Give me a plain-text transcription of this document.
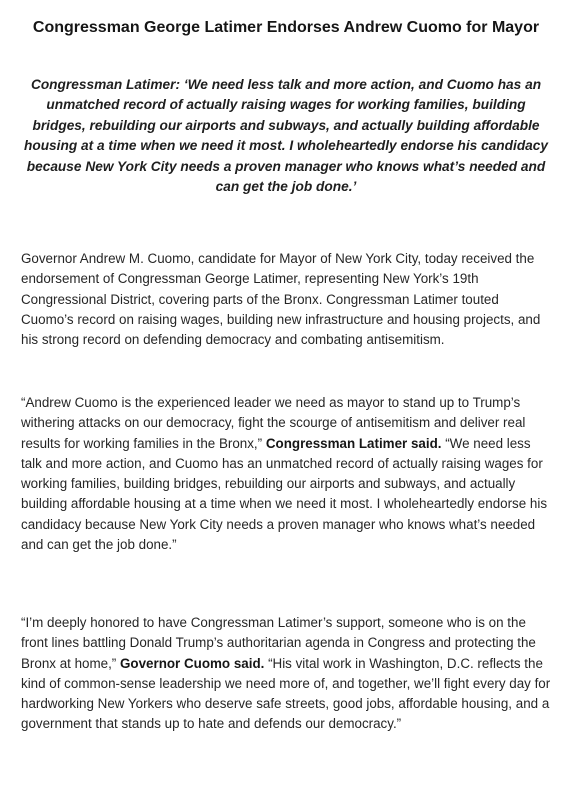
Congressman George Latimer Endorses Andrew Cuomo for Mayor

Congressman Latimer: ‘We need less talk and more action, and Cuomo has an unmatched record of actually raising wages for working families, building bridges, rebuilding our airports and subways, and actually building affordable housing at a time when we need it most. I wholeheartedly endorse his candidacy because New York City needs a proven manager who knows what’s needed and can get the job done.’

Governor Andrew M. Cuomo, candidate for Mayor of New York City, today received the endorsement of Congressman George Latimer, representing New York’s 19th Congressional District, covering parts of the Bronx. Congressman Latimer touted Cuomo’s record on raising wages, building new infrastructure and housing projects, and his strong record on defending democracy and combating antisemitism.

“Andrew Cuomo is the experienced leader we need as mayor to stand up to Trump’s withering attacks on our democracy, fight the scourge of antisemitism and deliver real results for working families in the Bronx,” Congressman Latimer said. “We need less talk and more action, and Cuomo has an unmatched record of actually raising wages for working families, building bridges, rebuilding our airports and subways, and actually building affordable housing at a time when we need it most. I wholeheartedly endorse his candidacy because New York City needs a proven manager who knows what’s needed and can get the job done.”

“I’m deeply honored to have Congressman Latimer’s support, someone who is on the front lines battling Donald Trump’s authoritarian agenda in Congress and protecting the Bronx at home,” Governor Cuomo said. “His vital work in Washington, D.C. reflects the kind of common-sense leadership we need more of, and together, we’ll fight every day for hardworking New Yorkers who deserve safe streets, good jobs, affordable housing, and a government that stands up to hate and defends our democracy.”
